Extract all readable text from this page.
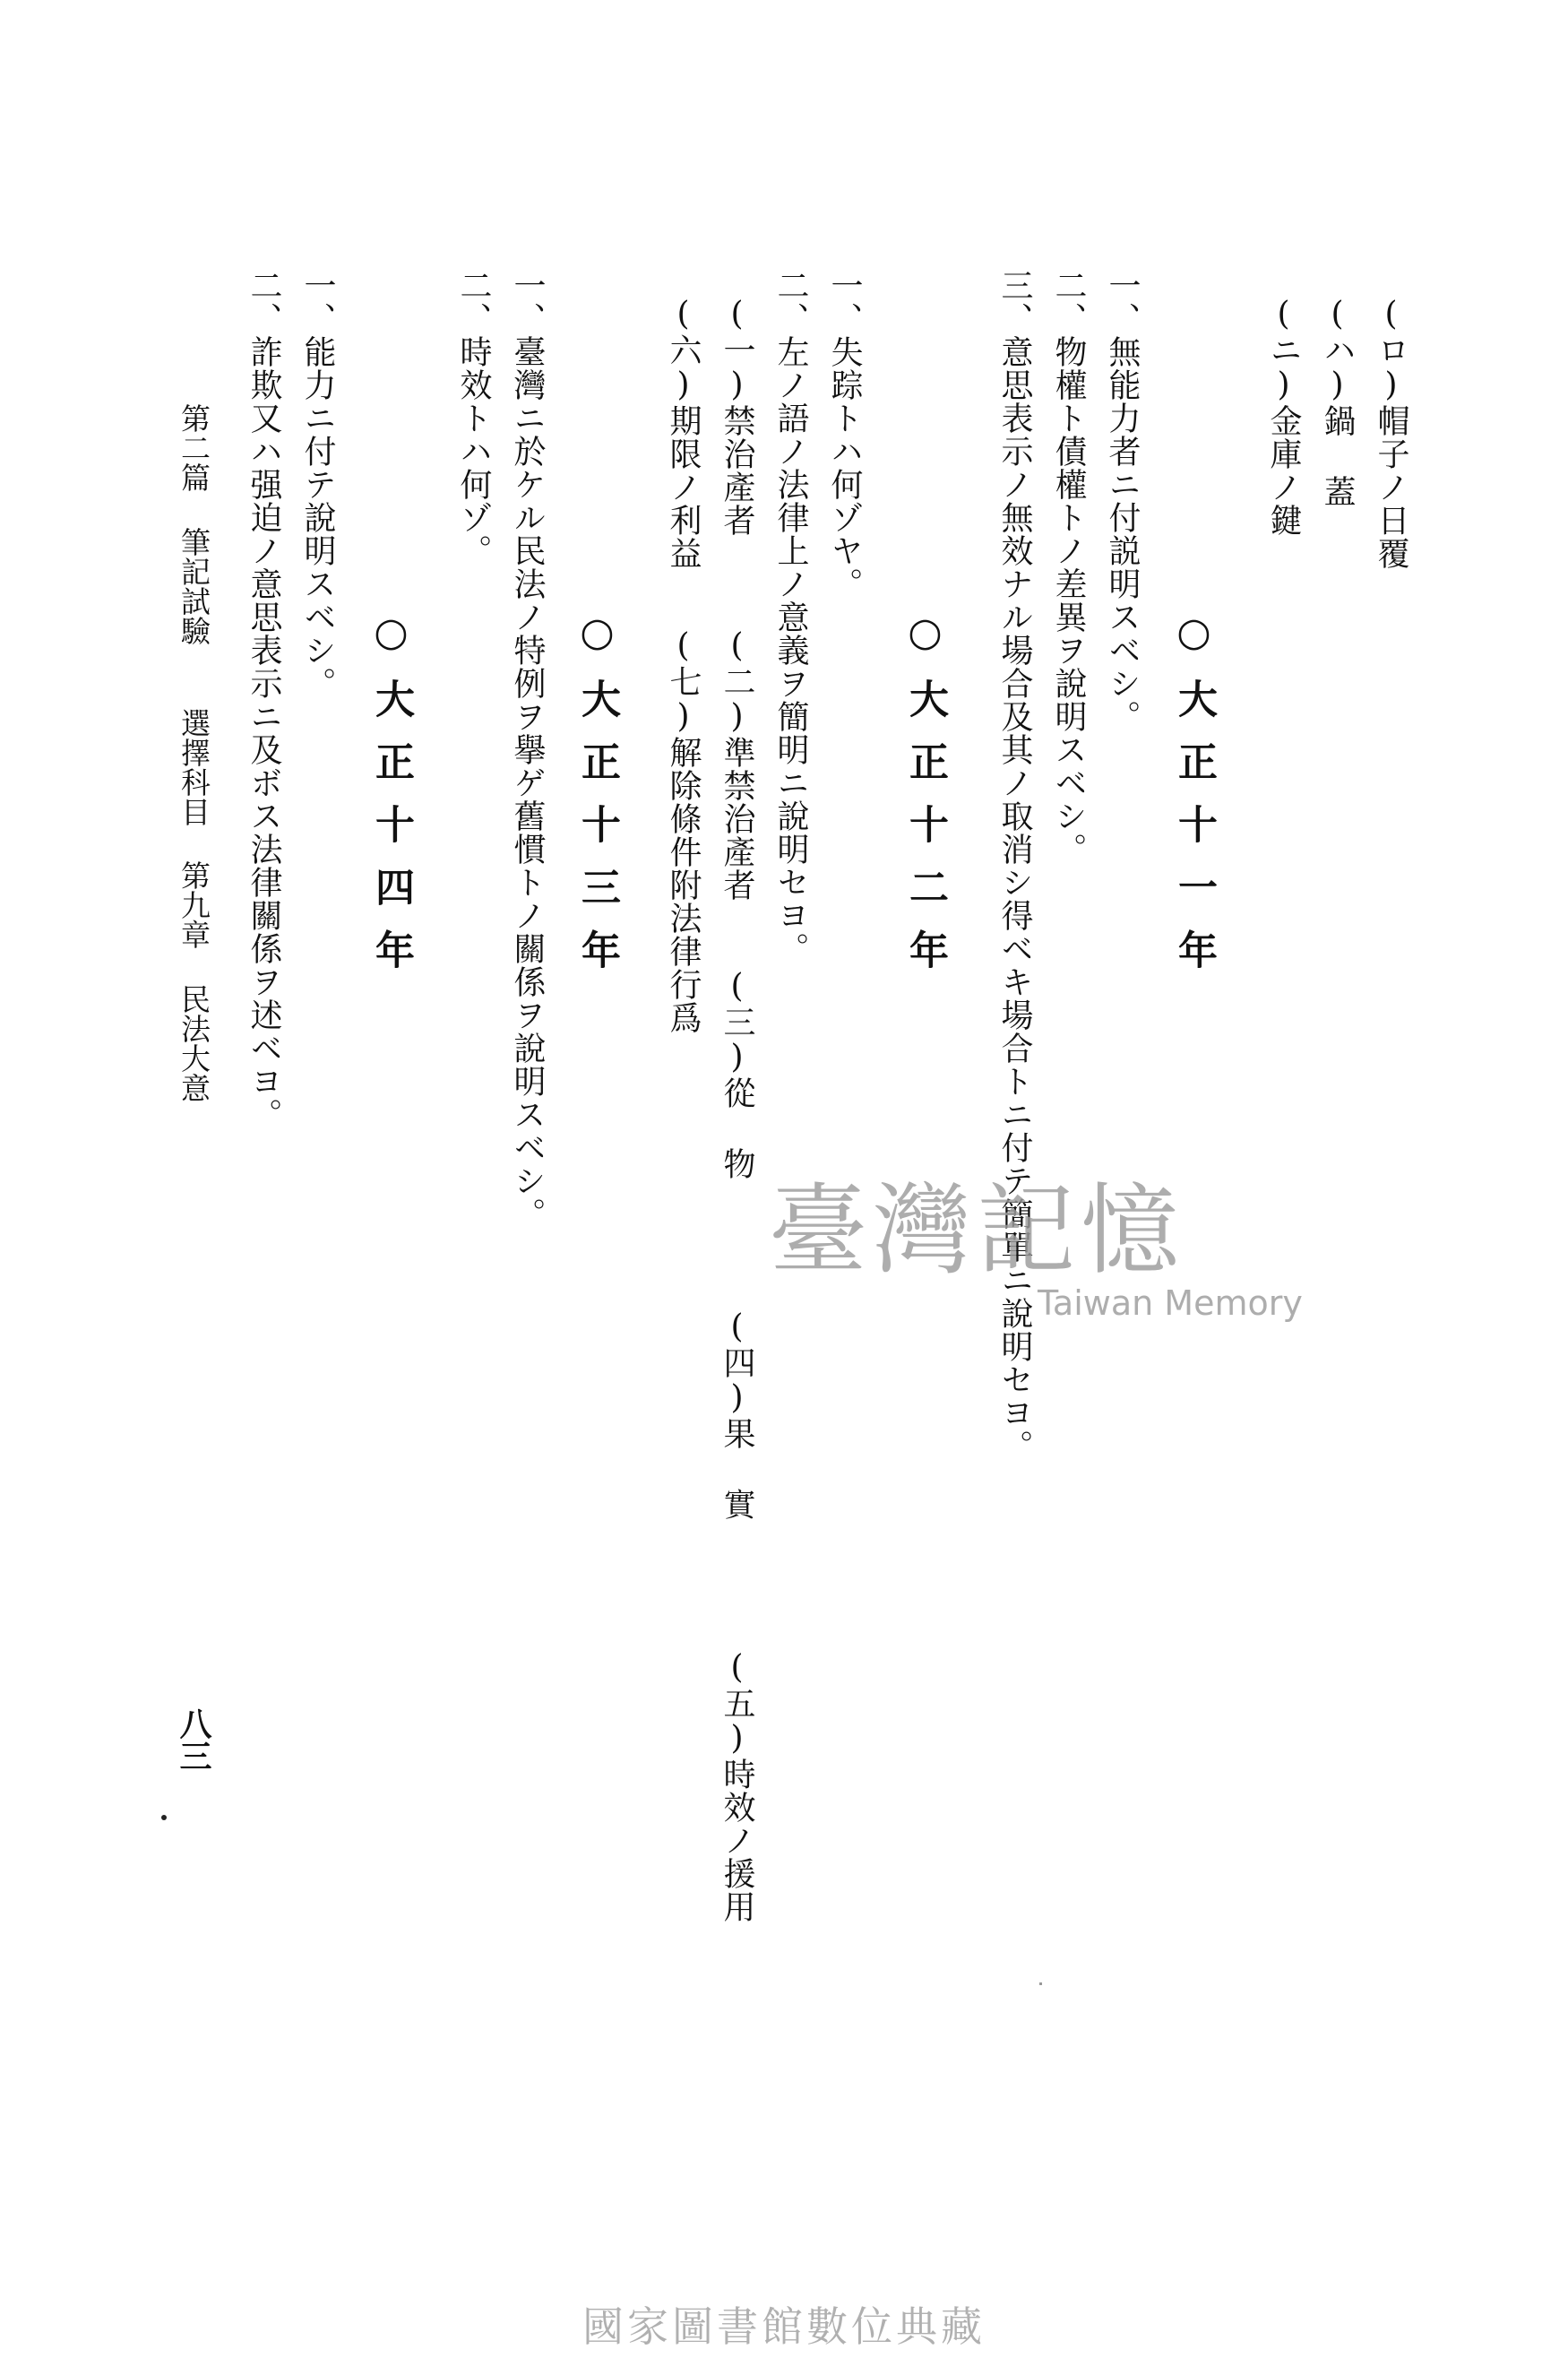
(ロ)帽子ノ日覆
(ハ)鍋 蓋
(ニ)金庫ノ鍵
○大正十一年
一、無能力者ニ付説明スベシ。
二、物權ト債權トノ差異ヲ說明スベシ。
三、意思表示ノ無效ナル場合及其ノ取消シ得ベキ場合トニ付テ簡單ニ說明セヨ。
○大正十二年
一、失踪トハ何ゾヤ。
二、左ノ語ノ法律上ノ意義ヲ簡明ニ說明セヨ。
(一)禁治產者
(二)準禁治產者
(三)從 物
(四)果 實
(五)時效ノ援用
(六)期限ノ利益
(七)解除條件附法律行爲
○大正十三年
一、臺灣ニ於ケル民法ノ特例ヲ擧ゲ舊慣トノ關係ヲ說明スベシ。
二、時效トハ何ゾ。
○大正十四年
一、能力ニ付テ說明スベシ。
二、詐欺又ハ强迫ノ意思表示ニ及ボス法律關係ヲ述ベヨ。
第二篇 筆記試驗
選擇科目
第九章 民法大意
八三
臺灣記憶
Taiwan Memory
國家圖書館數位典藏
